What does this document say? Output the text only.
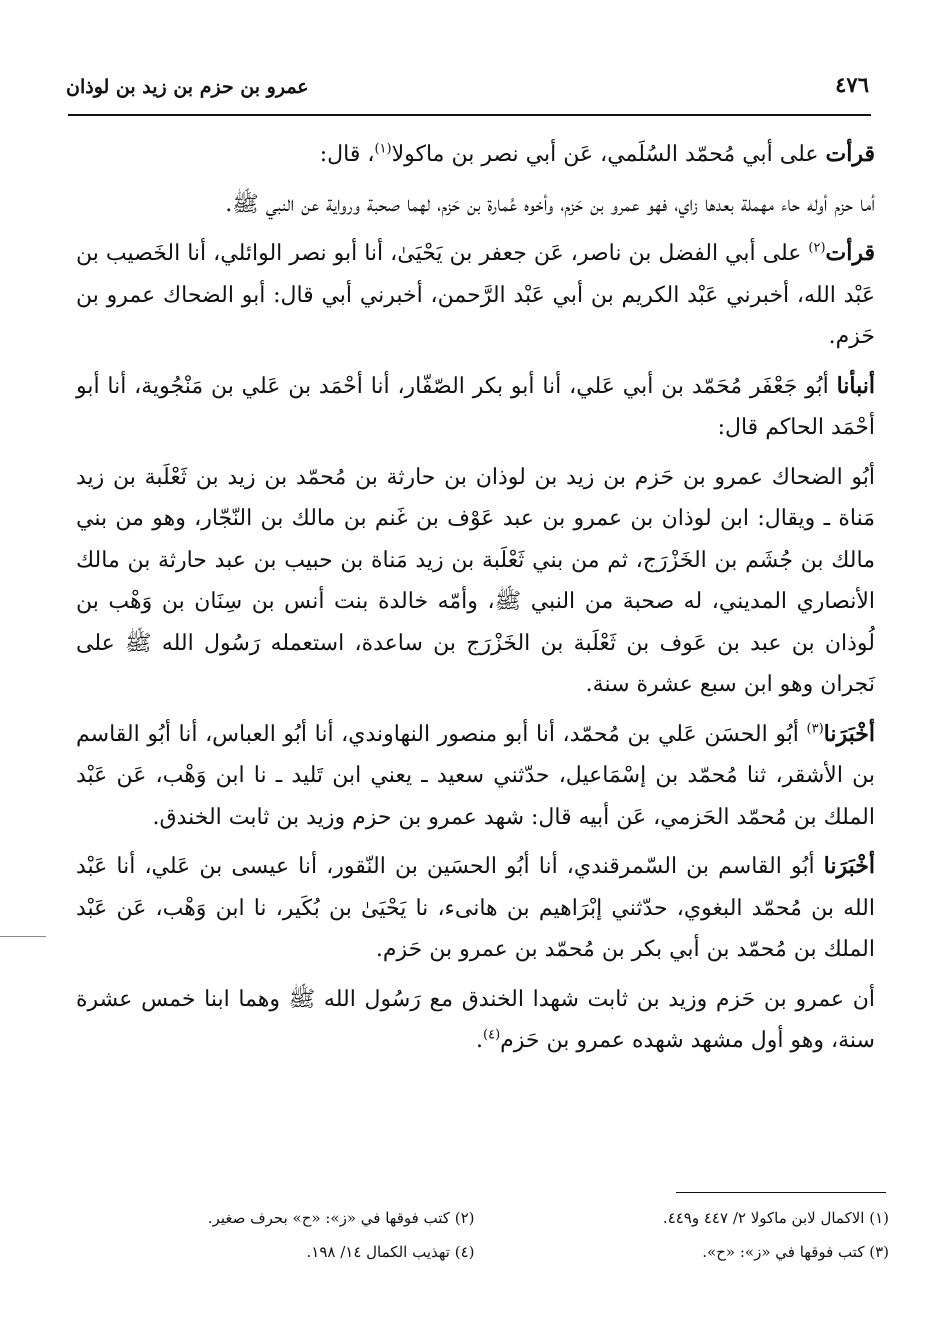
٤٧٦
عمرو بن حزم بن زيد بن لوذان

قرأت على أبي مُحمّد السُلَمي، عَن أبي نصر بن ماكولا$^{(١)}$، قال:

أما حزم أوله حاء مهملة بعدها زاي، فهو عمرو بن حَزم، وأخوه عُمارة بن حَزم، لهما صحبة ورواية عن النبي ﷺ.

قرأت$^{(٢)}$ على أبي الفضل بن ناصر، عَن جعفر بن يَحْيَىٰ، أنا أبو نصر الوائلي، أنا الخَصيب بن عَبْد الله، أخبرني عَبْد الكريم بن أبي عَبْد الرَّحمن، أخبرني أبي قال: أبو الضحاك عمرو بن حَزم.

أنبأنا أبُو جَعْفَر مُحَمّد بن أبي عَلي، أنا أبو بكر الصّفّار، أنا أحْمَد بن عَلي بن مَنْجُوية، أنا أبو أحْمَد الحاكم قال:

أبُو الضحاك عمرو بن حَزم بن زيد بن لوذان بن حارثة بن مُحمّد بن زيد بن ثَعْلَبة بن زيد مَناة ـ ويقال: ابن لوذان بن عمرو بن عبد عَوْف بن غَنم بن مالك بن النّجّار، وهو من بني مالك بن جُشَم بن الخَزْرَج، ثم من بني ثَعْلَبة بن زيد مَناة بن حبيب بن عبد حارثة بن مالك الأنصاري المديني، له صحبة من النبي ﷺ، وأمّه خالدة بنت أنس بن سِنَان بن وَهْب بن لُوذان بن عبد بن عَوف بن ثَعْلَبة بن الخَزْرَج بن ساعدة، استعمله رَسُول الله ﷺ على نَجران وهو ابن سبع عشرة سنة.

أخْبَرَنا$^{(٣)}$ أبُو الحسَن عَلي بن مُحمّد، أنا أبو منصور النهاوندي، أنا أبُو العباس، أنا أبُو القاسم بن الأشقر، ثنا مُحمّد بن إسْمَاعيل، حدّثني سعيد ـ يعني ابن تَليد ـ نا ابن وَهْب، عَن عَبْد الملك بن مُحمّد الحَزمي، عَن أبيه قال: شهد عمرو بن حزم وزيد بن ثابت الخندق.

أخْبَرَنا أبُو القاسم بن السّمرقندي، أنا أبُو الحسَين بن النّقور، أنا عيسى بن عَلي، أنا عَبْد الله بن مُحمّد البغوي، حدّثني إبْرَاهيم بن هانىء، نا يَحْيَىٰ بن بُكَير، نا ابن وَهْب، عَن عَبْد الملك بن مُحمّد بن أبي بكر بن مُحمّد بن عمرو بن حَزم.

أن عمرو بن حَزم وزيد بن ثابت شهدا الخندق مع رَسُول الله ﷺ وهما ابنا خمس عشرة سنة، وهو أول مشهد شهده عمرو بن حَزم$^{(٤)}$.

(١) الاكمال لابن ماكولا ٢/ ٤٤٧ و٤٤٩.
(٢) كتب فوقها في «ز»: «ح» بحرف صغير.
(٣) كتب فوقها في «ز»: «ح».
(٤) تهذيب الكمال ١٤/ ١٩٨.
